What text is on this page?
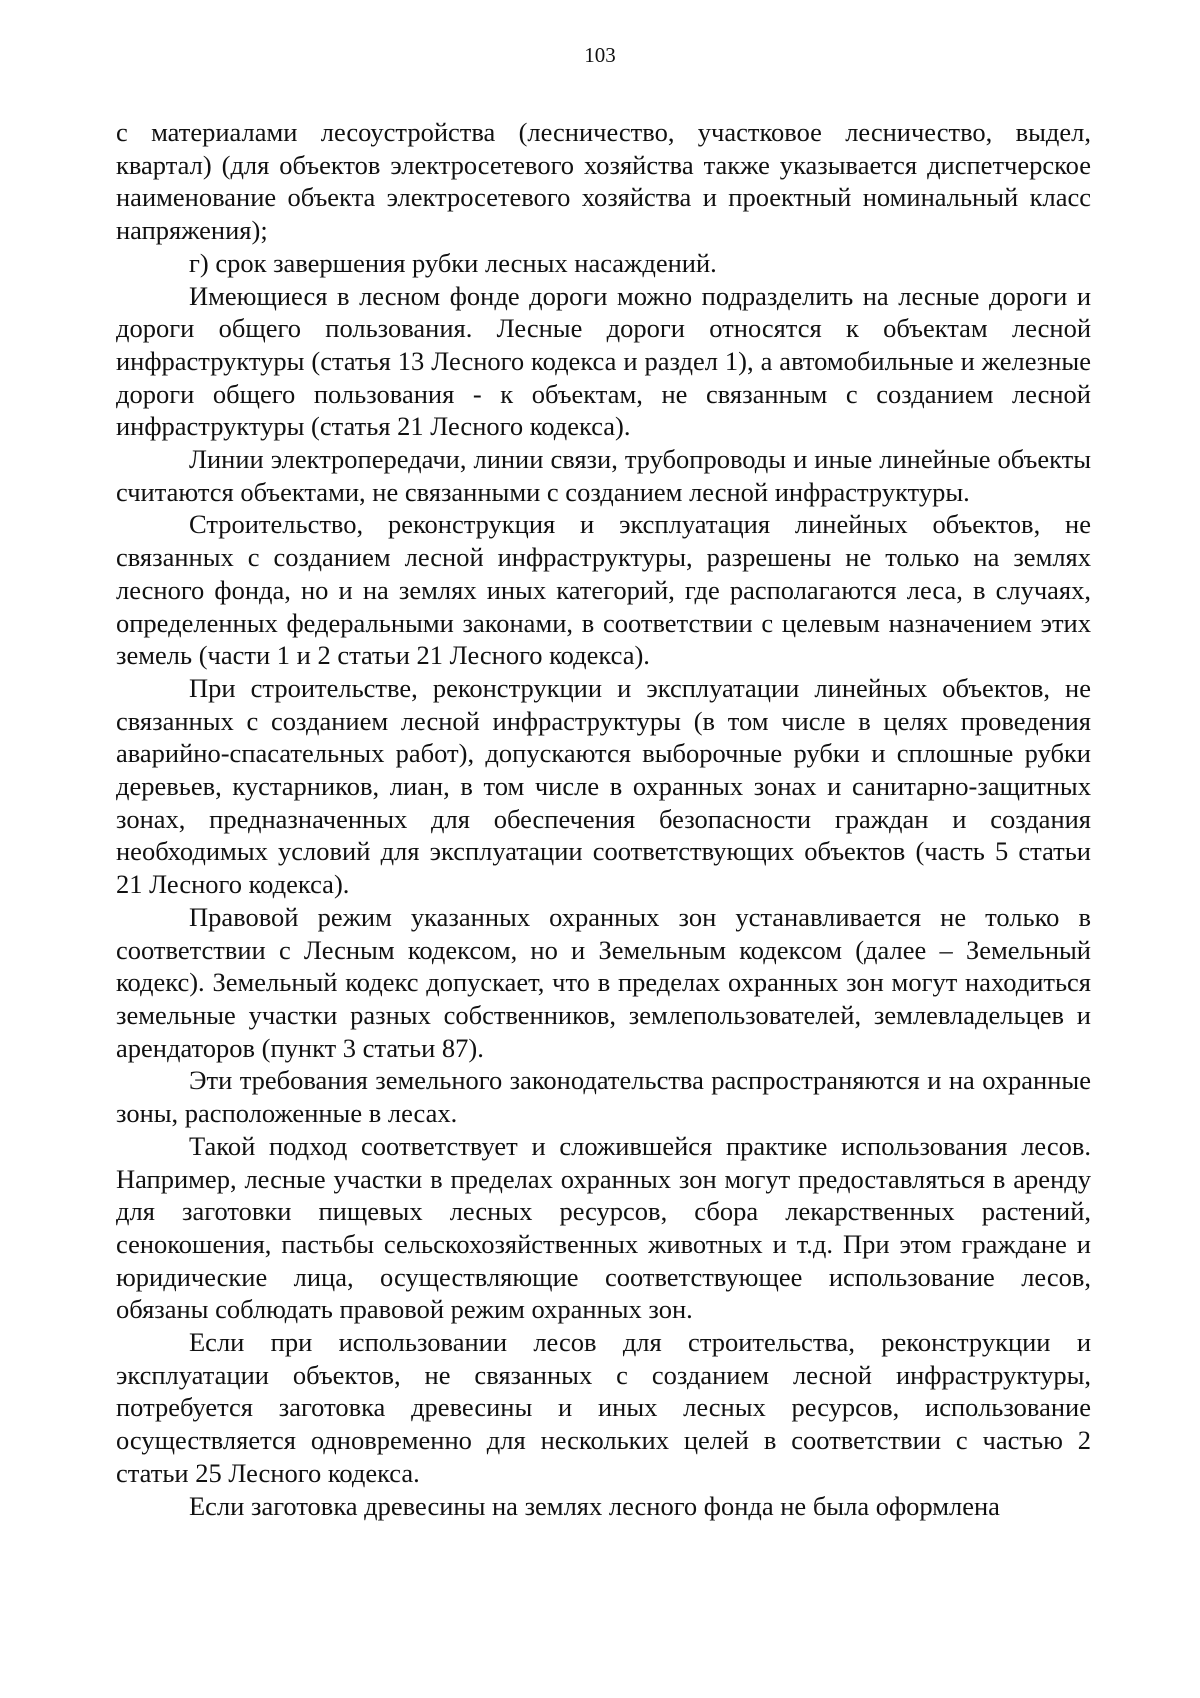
103

с материалами лесоустройства (лесничество, участковое лесничество, выдел, квартал) (для объектов электросетевого хозяйства также указывается диспетчерское наименование объекта электросетевого хозяйства и проектный номинальный класс напряжения);

г) срок завершения рубки лесных насаждений.

Имеющиеся в лесном фонде дороги можно подразделить на лесные дороги и дороги общего пользования. Лесные дороги относятся к объектам лесной инфраструктуры (статья 13 Лесного кодекса и раздел 1), а автомобильные и железные дороги общего пользования - к объектам, не связанным с созданием лесной инфраструктуры (статья 21 Лесного кодекса).

Линии электропередачи, линии связи, трубопроводы и иные линейные объекты считаются объектами, не связанными с созданием лесной инфраструктуры.

Строительство, реконструкция и эксплуатация линейных объектов, не связанных с созданием лесной инфраструктуры, разрешены не только на землях лесного фонда, но и на землях иных категорий, где располагаются леса, в случаях, определенных федеральными законами, в соответствии с целевым назначением этих земель (части 1 и 2 статьи 21 Лесного кодекса).

При строительстве, реконструкции и эксплуатации линейных объектов, не связанных с созданием лесной инфраструктуры (в том числе в целях проведения аварийно-спасательных работ), допускаются выборочные рубки и сплошные рубки деревьев, кустарников, лиан, в том числе в охранных зонах и санитарно-защитных зонах, предназначенных для обеспечения безопасности граждан и создания необходимых условий для эксплуатации соответствующих объектов (часть 5 статьи 21 Лесного кодекса).

Правовой режим указанных охранных зон устанавливается не только в соответствии с Лесным кодексом, но и Земельным кодексом (далее – Земельный кодекс). Земельный кодекс допускает, что в пределах охранных зон могут находиться земельные участки разных собственников, землепользователей, землевладельцев и арендаторов (пункт 3 статьи 87).

Эти требования земельного законодательства распространяются и на охранные зоны, расположенные в лесах.

Такой подход соответствует и сложившейся практике использования лесов. Например, лесные участки в пределах охранных зон могут предоставляться в аренду для заготовки пищевых лесных ресурсов, сбора лекарственных растений, сенокошения, пастьбы сельскохозяйственных животных и т.д. При этом граждане и юридические лица, осуществляющие соответствующее использование лесов, обязаны соблюдать правовой режим охранных зон.

Если при использовании лесов для строительства, реконструкции и эксплуатации объектов, не связанных с созданием лесной инфраструктуры, потребуется заготовка древесины и иных лесных ресурсов, использование осуществляется одновременно для нескольких целей в соответствии с частью 2 статьи 25 Лесного кодекса.

Если заготовка древесины на землях лесного фонда не была оформлена
